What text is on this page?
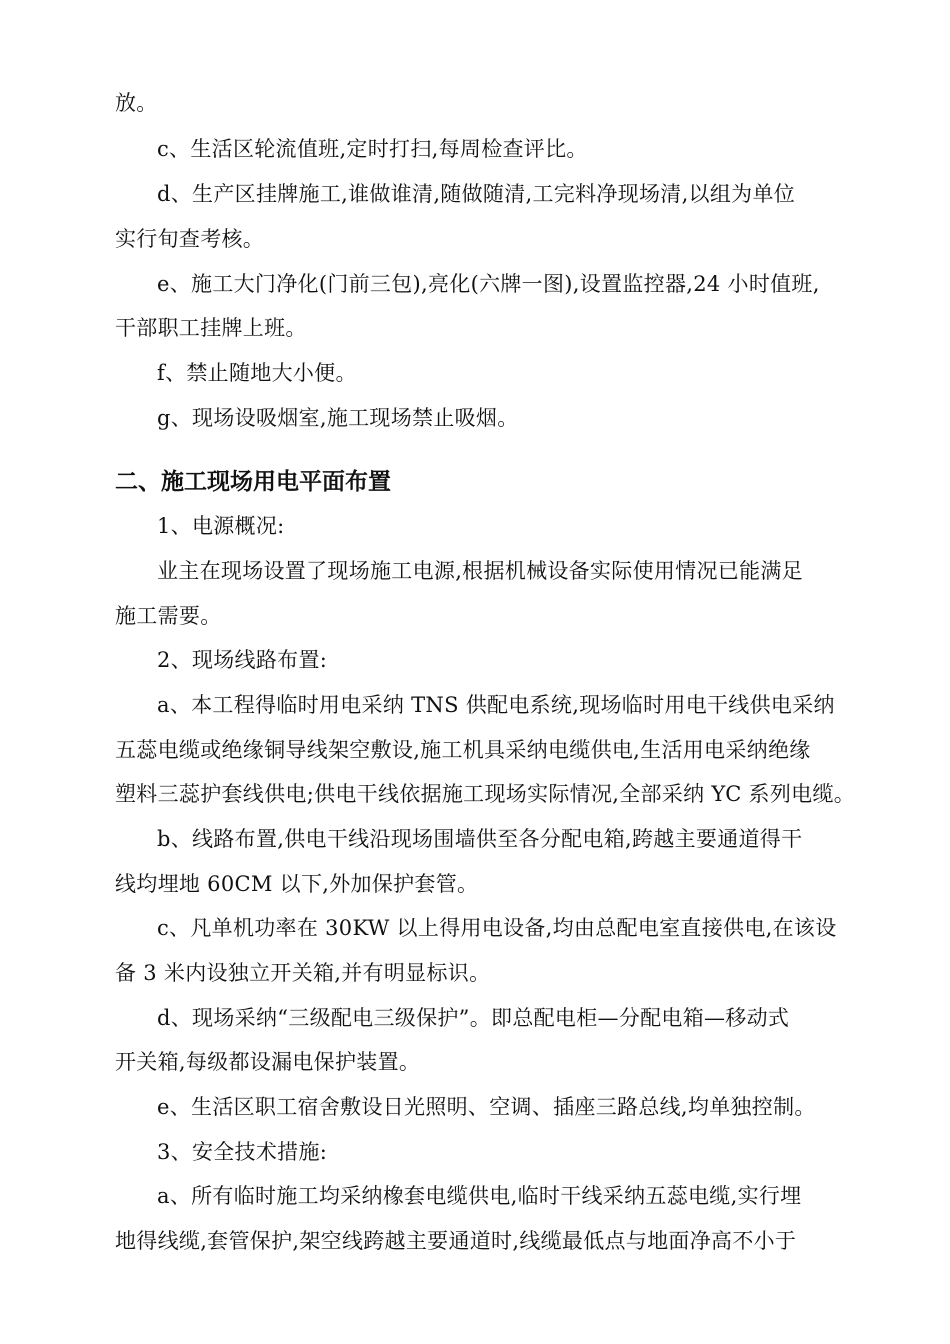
放。
c、生活区轮流值班,定时打扫,每周检查评比。
d、生产区挂牌施工,谁做谁清,随做随清,工完料净现场清,以组为单位
实行旬查考核。
e、施工大门净化(门前三包),亮化(六牌一图),设置监控器,24 小时值班,
干部职工挂牌上班。
f、禁止随地大小便。
g、现场设吸烟室,施工现场禁止吸烟。
二、施工现场用电平面布置
1、电源概况:
业主在现场设置了现场施工电源,根据机械设备实际使用情况已能满足
施工需要。
2、现场线路布置:
a、本工程得临时用电采纳 TNS 供配电系统,现场临时用电干线供电采纳
五蕊电缆或绝缘铜导线架空敷设,施工机具采纳电缆供电,生活用电采纳绝缘
塑料三蕊护套线供电;供电干线依据施工现场实际情况,全部采纳 YC 系列电缆。
b、线路布置,供电干线沿现场围墙供至各分配电箱,跨越主要通道得干
线均埋地 60CM 以下,外加保护套管。
c、凡单机功率在 30KW 以上得用电设备,均由总配电室直接供电,在该设
备 3 米内设独立开关箱,并有明显标识。
d、现场采纳“三级配电三级保护”。即总配电柜—分配电箱—移动式
开关箱,每级都设漏电保护装置。
e、生活区职工宿舍敷设日光照明、空调、插座三路总线,均单独控制。
3、安全技术措施:
a、所有临时施工均采纳橡套电缆供电,临时干线采纳五蕊电缆,实行埋
地得线缆,套管保护,架空线跨越主要通道时,线缆最低点与地面净高不小于
